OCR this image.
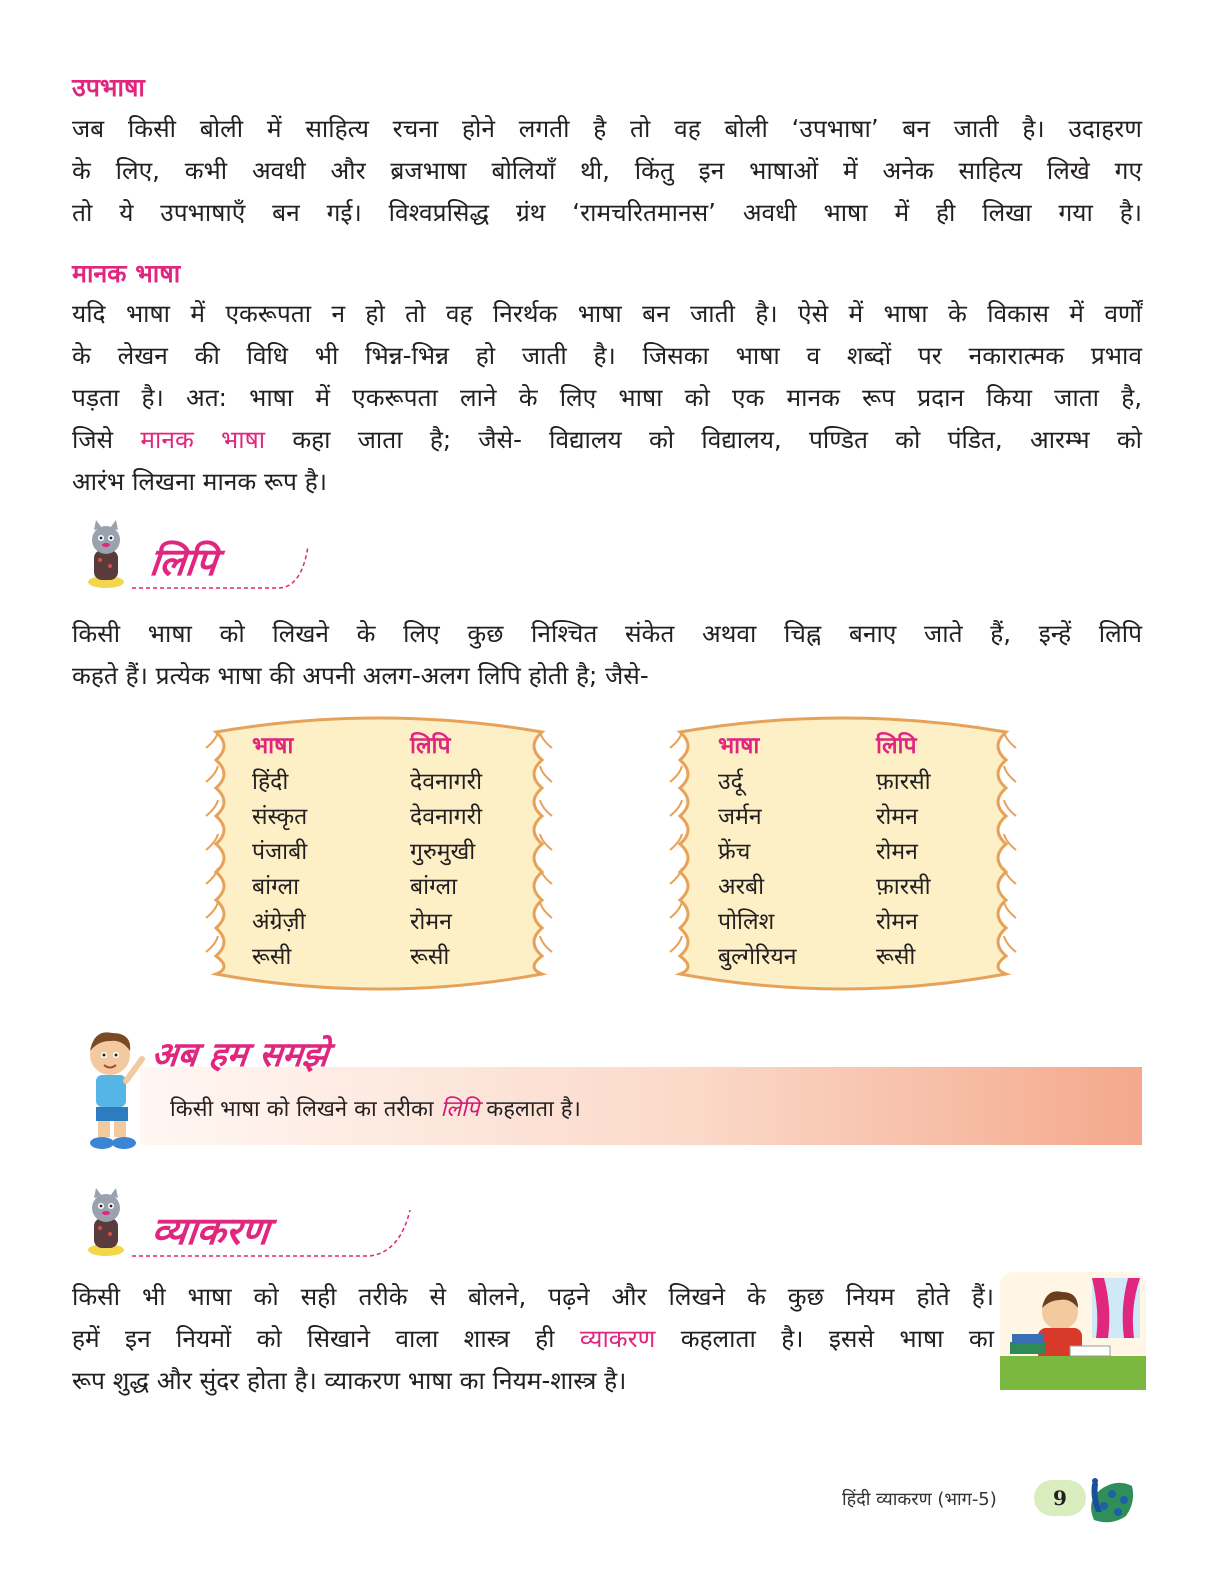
उपभाषा
जब किसी बोली में साहित्य रचना होने लगती है तो वह बोली ‘उपभाषा’ बन जाती है। उदाहरण
के लिए, कभी अवधी और ब्रजभाषा बोलियाँ थी, किंतु इन भाषाओं में अनेक साहित्य लिखे गए
तो ये उपभाषाएँ बन गई। विश्वप्रसिद्ध ग्रंथ ‘रामचरितमानस’ अवधी भाषा में ही लिखा गया है।
मानक भाषा
यदि भाषा में एकरूपता न हो तो वह निरर्थक भाषा बन जाती है। ऐसे में भाषा के विकास में वर्णों
के लेखन की विधि भी भिन्न-भिन्न हो जाती है। जिसका भाषा व शब्दों पर नकारात्मक प्रभाव
पड़ता है। अत: भाषा में एकरूपता लाने के लिए भाषा को एक मानक रूप प्रदान किया जाता है,
जिसे मानक भाषा कहा जाता है; जैसे- विद्यालय को विद्यालय, पण्डित को पंडित, आरम्भ को
आरंभ लिखना मानक रूप है।
लिपि
किसी भाषा को लिखने के लिए कुछ निश्चित संकेत अथवा चिह्न बनाए जाते हैं, इन्हें लिपि
कहते हैं। प्रत्येक भाषा की अपनी अलग-अलग लिपि होती है; जैसे-
भाषा	लिपि
हिंदी	देवनागरी
संस्कृत	देवनागरी
पंजाबी	गुरुमुखी
बांग्ला	बांग्ला
अंग्रेज़ी	रोमन
रूसी	रूसी
भाषा	लिपि
उर्दू	फ़ारसी
जर्मन	रोमन
फ्रेंच	रोमन
अरबी	फ़ारसी
पोलिश	रोमन
बुल्गेरियन	रूसी
अब हम समझे
किसी भाषा को लिखने का तरीका लिपि कहलाता है।
व्याकरण
किसी भी भाषा को सही तरीके से बोलने, पढ़ने और लिखने के कुछ नियम होते हैं।
हमें इन नियमों को सिखाने वाला शास्त्र ही व्याकरण कहलाता है। इससे भाषा का
रूप शुद्ध और सुंदर होता है। व्याकरण भाषा का नियम-शास्त्र है।
हिंदी व्याकरण (भाग-5)	9
